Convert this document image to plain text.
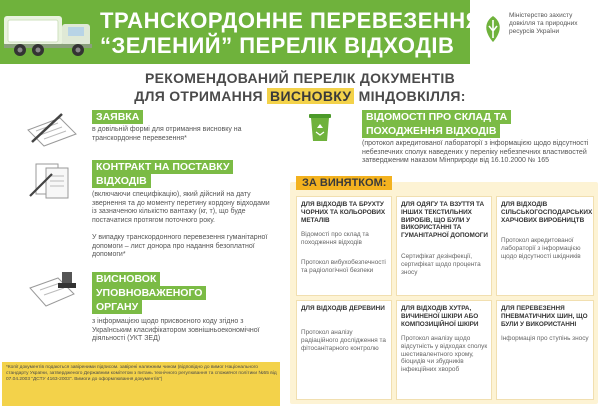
ТРАНСКОРДОННЕ ПЕРЕВЕЗЕННЯ
“ЗЕЛЕНИЙ” ПЕРЕЛІК ВІДХОДІВ
Міністерство захисту довкілля та природних ресурсів України
РЕКОМЕНДОВАНИЙ ПЕРЕЛІК ДОКУМЕНТІВ
ДЛЯ ОТРИМАННЯ ВИСНОВКУ МІНДОВКІЛЛЯ:
ЗАЯВКА
в довільній формі для отримання висновку на транскордонне перевезення*
КОНТРАКТ НА ПОСТАВКУ
ВІДХОДІВ
(включаючи специфікацію), який дійсний на дату звернення та до моменту перетину кордону відходами із зазначеною кількістю вантажу (кг, т), що буде постачатися протягом поточного року.
У випадку транскордонного перевезення гуманітарної допомоги – лист донора про надання безоплатної допомоги*
ВИСНОВОК
УПОВНОВАЖЕНОГО
ОРГАНУ
з інформацією щодо присвоєного коду згідно з Українським класифікатором зовнішньоекономічної діяльності (УКТ ЗЕД)
ВІДОМОСТІ ПРО СКЛАД ТА
ПОХОДЖЕННЯ ВІДХОДІВ
(протокол акредитованої лабораторії з інформацією щодо відсутності небезпечних сполук наведених у переліку небезпечних властивостей затвердженим наказом Мінприроди від 16.10.2000 № 165
ЗА ВИНЯТКОМ:
ДЛЯ ВІДХОДІВ ТА БРУХТУ ЧОРНИХ ТА КОЛЬОРОВИХ МЕТАЛІВ
Відомості про склад та походження відходів
Протокол вибухобезпечності та радіологічної безпеки
ДЛЯ ОДЯГУ ТА ВЗУТТЯ ТА ІНШИХ ТЕКСТИЛЬНИХ ВИРОБІВ, ЩО БУЛИ У ВИКОРИСТАННІ ТА ГУМАНІТАРНОЇ ДОПОМОГИ
Сертифікат дезінфекції, сертифікат щодо процента зносу
ДЛЯ ВІДХОДІВ СІЛЬСЬКОГОСПОДАРСЬКИХ ХАРЧОВИХ ВИРОБНИЦТВ
Протокол акредитованої лабораторії з інформацією щодо відсутності шкідників
ДЛЯ ВІДХОДІВ ДЕРЕВИНИ
Протокол аналізу радіаційного дослідження та фітосанітарного контролю
ДЛЯ ВІДХОДІВ ХУТРА, ВИЧИНЕНОЇ ШКІРИ АБО КОМПОЗИЦІЙНОЇ ШКІРИ
Протокол аналізу щодо відсутність у відходах сполук шестивалентного хрому, біоцидів чи збудників інфекційних хвороб
ДЛЯ ПЕРЕВЕЗЕННЯ ПНЕВМАТИЧНИХ ШИН, ЩО БУЛИ У ВИКОРИСТАННІ
Інформація про ступінь зносу
*Копії документів подаються завіреними підписом. завірені належним чином (відповідно до вимог Національного стандарту України, затвердженого Державним комітетом з питань технічного регулювання та споживчої політики №55 від 07.04.2003 "ДСТУ 4163-2003". Вимоги до оформлювання документів")
